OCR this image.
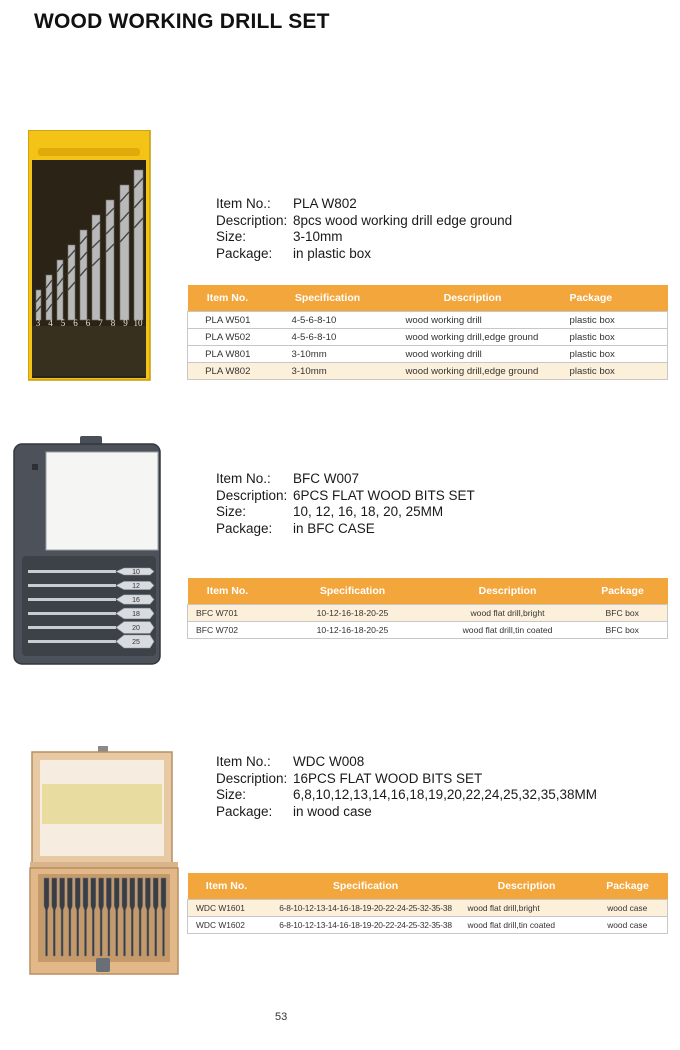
WOOD WORKING DRILL SET
3 4 5 6 6 7 8 9 10
Item No.:	PLA W802
Description: 8pcs wood working drill edge ground
Size:	3-10mm
Package:	in plastic box
Item No.	Specification	Description	Package
PLA W501	4-5-6-8-10	wood working drill	plastic box
PLA W502	4-5-6-8-10	wood working drill,edge ground	plastic box
PLA W801	3-10mm	wood working drill	plastic box
PLA W802	3-10mm	wood working drill,edge ground	plastic box
10
12
16
18
20
25
Item No.:	BFC W007
Description: 6PCS FLAT WOOD BITS SET
Size:	10, 12, 16, 18, 20, 25MM
Package:	in BFC CASE
Item No.	Specification	Description	Package
BFC W701	10-12-16-18-20-25	wood flat drill,bright	BFC box
BFC W702	10-12-16-18-20-25	wood flat drill,tin coated	BFC box
Item No.:	WDC W008
Description: 16PCS FLAT WOOD BITS SET
Size:	6,8,10,12,13,14,16,18,19,20,22,24,25,32,35,38MM
Package:	in wood case
Item No.	Specification	Description	Package
WDC W1601	6-8-10-12-13-14-16-18-19-20-22-24-25-32-35-38	wood flat drill,bright	wood case
WDC W1602	6-8-10-12-13-14-16-18-19-20-22-24-25-32-35-38	wood flat drill,tin coated	wood case
53
